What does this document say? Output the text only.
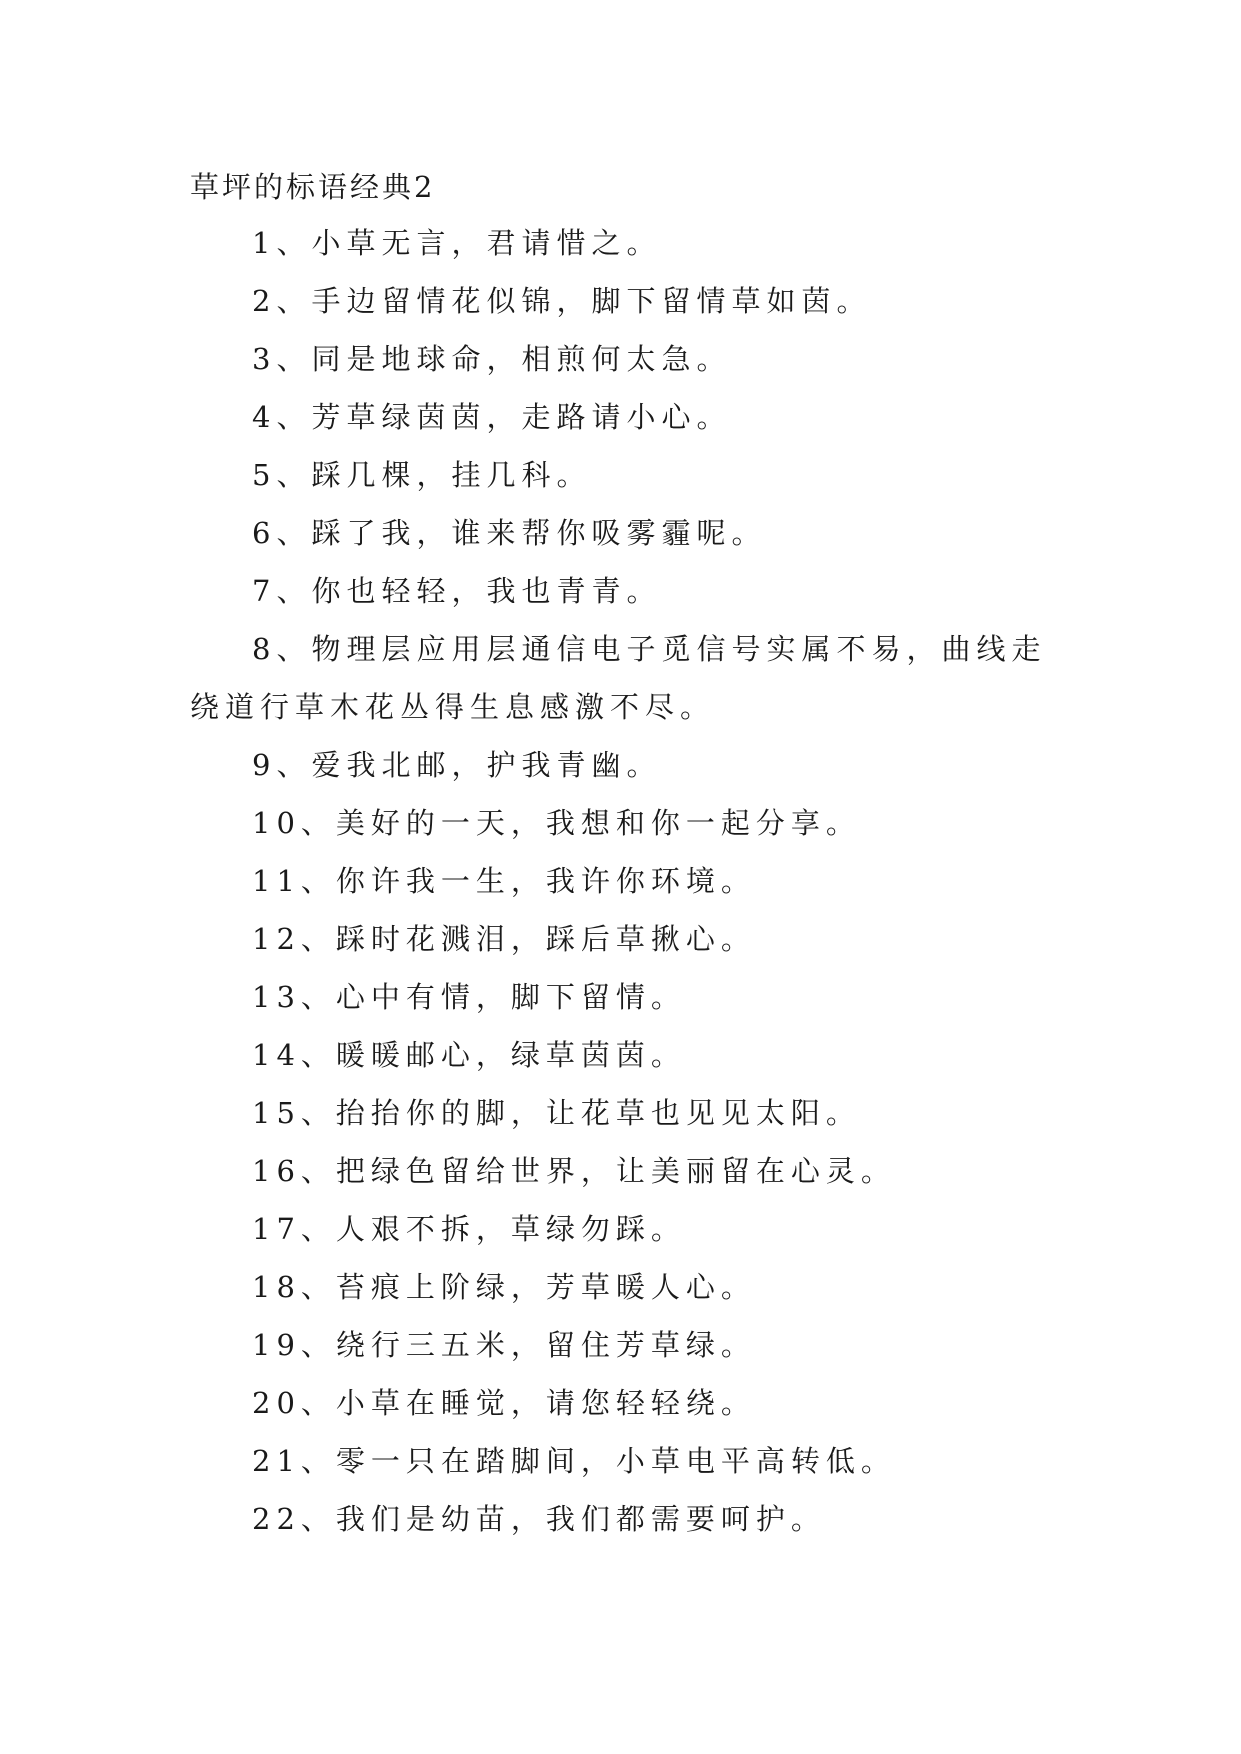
草坪的标语经典2
1、小草无言，君请惜之。
2、手边留情花似锦，脚下留情草如茵。
3、同是地球命，相煎何太急。
4、芳草绿茵茵，走路请小心。
5、踩几棵，挂几科。
6、踩了我，谁来帮你吸雾霾呢。
7、你也轻轻，我也青青。
8、物理层应用层通信电子觅信号实属不易，曲线走绕道行草木花丛得生息感激不尽。
9、爱我北邮，护我青幽。
10、美好的一天，我想和你一起分享。
11、你许我一生，我许你环境。
12、踩时花溅泪，踩后草揪心。
13、心中有情，脚下留情。
14、暖暖邮心，绿草茵茵。
15、抬抬你的脚，让花草也见见太阳。
16、把绿色留给世界，让美丽留在心灵。
17、人艰不拆，草绿勿踩。
18、苔痕上阶绿，芳草暖人心。
19、绕行三五米，留住芳草绿。
20、小草在睡觉，请您轻轻绕。
21、零一只在踏脚间，小草电平高转低。
22、我们是幼苗，我们都需要呵护。
